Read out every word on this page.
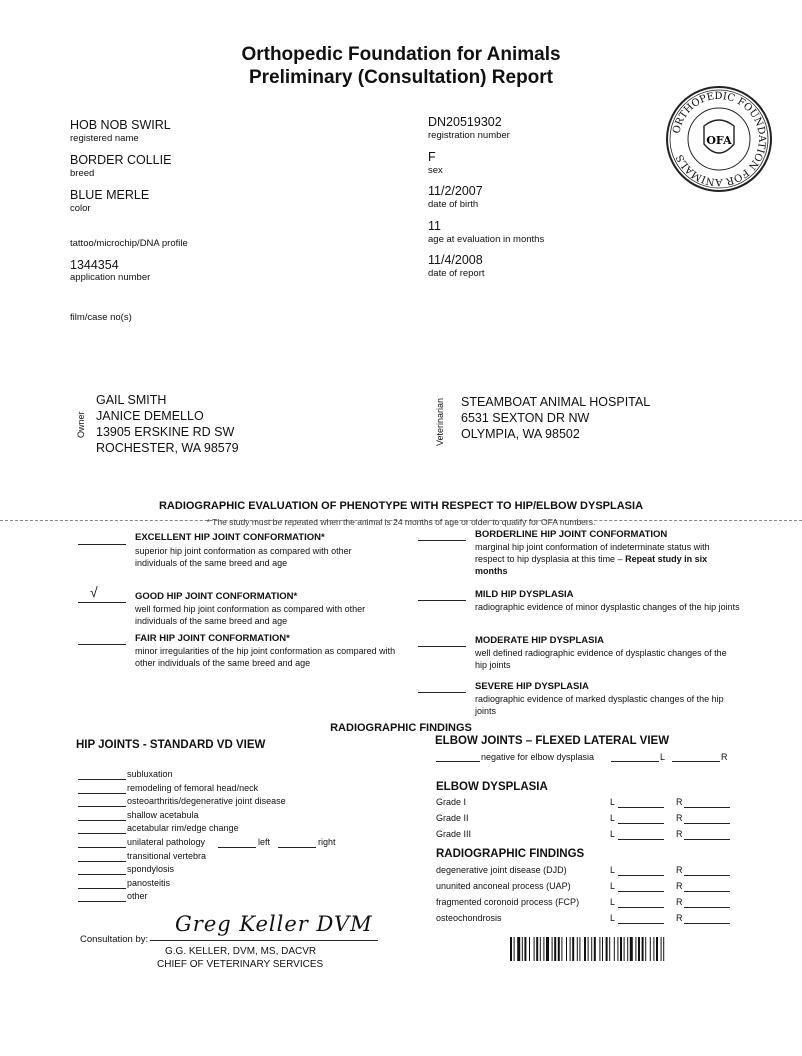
Orthopedic Foundation for Animals
Preliminary (Consultation) Report
ORTHOPEDIC FOUNDATION FOR ANIMALS
OFA
HOB NOB SWIRL
registered name
BORDER COLLIE
breed
BLUE MERLE
color
tattoo/microchip/DNA profile
1344354
application number
film/case no(s)
DN20519302
registration number
F
sex
11/2/2007
date of birth
11
age at evaluation in months
11/4/2008
date of report
Owner
GAIL SMITH
JANICE DEMELLO
13905 ERSKINE RD SW
ROCHESTER, WA 98579
Veterinarian STEAMBOAT ANIMAL HOSPITAL
6531 SEXTON DR NW
OLYMPIA, WA 98502
RADIOGRAPHIC EVALUATION OF PHENOTYPE WITH RESPECT TO HIP/ELBOW DYSPLASIA
* The study must be repeated when the animal is 24 months of age or older to qualify for OFA numbers.
EXCELLENT HIP JOINT CONFORMATION*
superior hip joint conformation as compared with other individuals of the same breed and age
√	GOOD HIP JOINT CONFORMATION*
well formed hip joint conformation as compared with other individuals of the same breed and age
FAIR HIP JOINT CONFORMATION*
minor irregularities of the hip joint conformation as compared with other individuals of the same breed and age
BORDERLINE HIP JOINT CONFORMATION
marginal hip joint conformation of indeterminate status with respect to hip dysplasia at this time – Repeat study in six months
MILD HIP DYSPLASIA
radiographic evidence of minor dysplastic changes of the hip joints
MODERATE HIP DYSPLASIA
well defined radiographic evidence of dysplastic changes of the hip joints
SEVERE HIP DYSPLASIA
radiographic evidence of marked dysplastic changes of the hip joints
RADIOGRAPHIC FINDINGS
HIP JOINTS - STANDARD VD VIEW
subluxation
remodeling of femoral head/neck
osteoarthritis/degenerative joint disease
shallow acetabula
acetabular rim/edge change
unilateral pathology	left	right
transitional vertebra
spondylosis
panosteitis
other
ELBOW JOINTS – FLEXED LATERAL VIEW
negative for elbow dysplasia	L	R
ELBOW DYSPLASIA
Grade I	L	R
Grade II	L	R
Grade III	L	R
RADIOGRAPHIC FINDINGS
degenerative joint disease (DJD)	L	R
ununited anconeal process (UAP)	L	R
fragmented coronoid process (FCP)	L	R
osteochondrosis	L	R
Consultation by:
Greg Keller DVM
G.G. KELLER, DVM, MS, DACVR
CHIEF OF VETERINARY SERVICES
